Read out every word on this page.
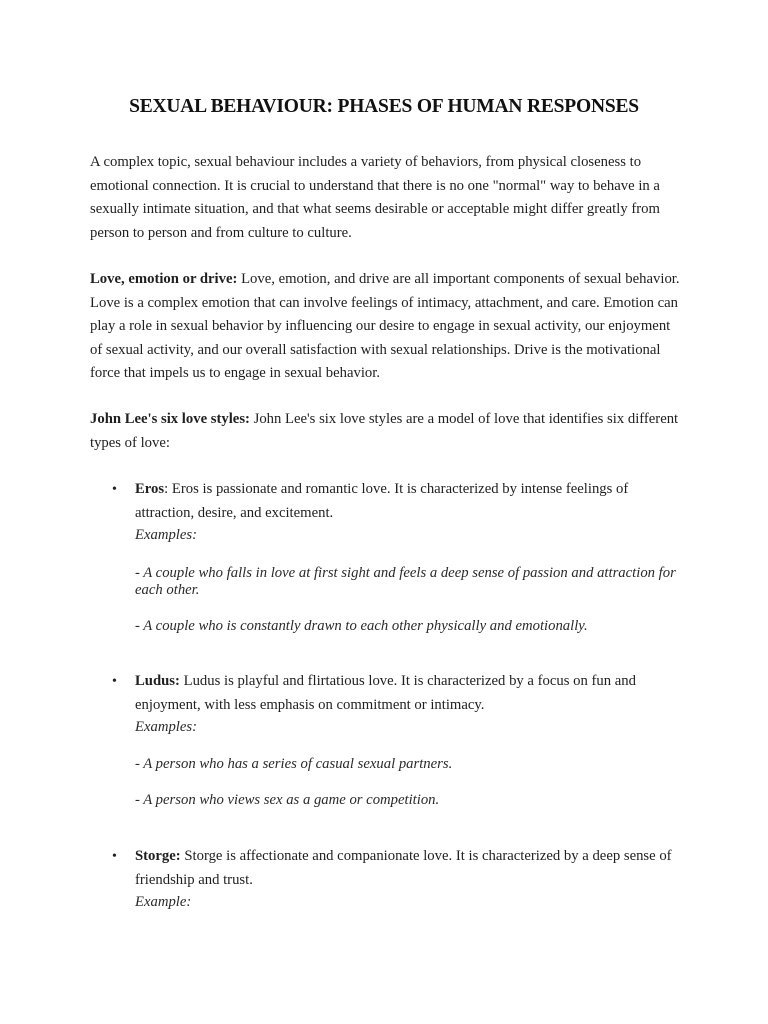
SEXUAL BEHAVIOUR: PHASES OF HUMAN RESPONSES

A complex topic, sexual behaviour includes a variety of behaviors, from physical closeness to emotional connection. It is crucial to understand that there is no one "normal" way to behave in a sexually intimate situation, and that what seems desirable or acceptable might differ greatly from person to person and from culture to culture.

Love, emotion or drive: Love, emotion, and drive are all important components of sexual behavior. Love is a complex emotion that can involve feelings of intimacy, attachment, and care. Emotion can play a role in sexual behavior by influencing our desire to engage in sexual activity, our enjoyment of sexual activity, and our overall satisfaction with sexual relationships. Drive is the motivational force that impels us to engage in sexual behavior.

John Lee's six love styles: John Lee's six love styles are a model of love that identifies six different types of love:

• Eros: Eros is passionate and romantic love. It is characterized by intense feelings of attraction, desire, and excitement.

Examples:

- A couple who falls in love at first sight and feels a deep sense of passion and attraction for each other.

- A couple who is constantly drawn to each other physically and emotionally.

• Ludus: Ludus is playful and flirtatious love. It is characterized by a focus on fun and enjoyment, with less emphasis on commitment or intimacy.

Examples:

- A person who has a series of casual sexual partners.

- A person who views sex as a game or competition.

• Storge: Storge is affectionate and companionate love. It is characterized by a deep sense of friendship and trust.

Example:
